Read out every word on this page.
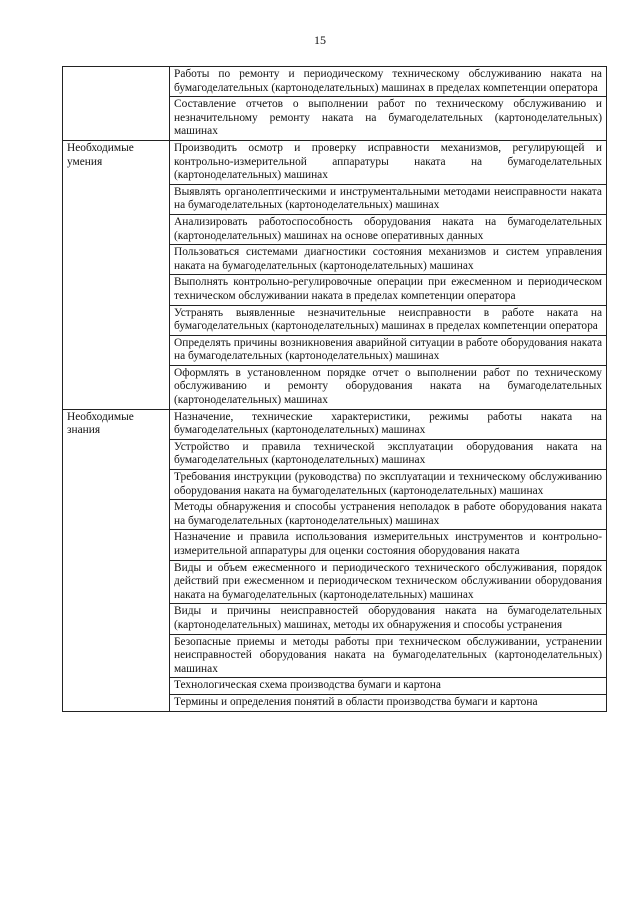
15
	Работы по ремонту и периодическому техническому обслуживанию наката на бумагоделательных (картоноделательных) машинах в пределах компетенции оператора
	Составление отчетов о выполнении работ по техническому обслуживанию и незначительному ремонту наката на бумагоделательных (картоноделательных) машинах
Необходимые умения	Производить осмотр и проверку исправности механизмов, регулирующей и контрольно-измерительной аппаратуры наката на бумагоделательных (картоноделательных) машинах
	Выявлять органолептическими и инструментальными методами неисправности наката на бумагоделательных (картоноделательных) машинах
	Анализировать работоспособность оборудования наката на бумагоделательных (картоноделательных) машинах на основе оперативных данных
	Пользоваться системами диагностики состояния механизмов и систем управления наката на бумагоделательных (картоноделательных) машинах
	Выполнять контрольно-регулировочные операции при ежесменном и периодическом техническом обслуживании наката в пределах компетенции оператора
	Устранять выявленные незначительные неисправности в работе наката на бумагоделательных (картоноделательных) машинах в пределах компетенции оператора
	Определять причины возникновения аварийной ситуации в работе оборудования наката на бумагоделательных (картоноделательных) машинах
	Оформлять в установленном порядке отчет о выполнении работ по техническому обслуживанию и ремонту оборудования наката на бумагоделательных (картоноделательных) машинах
Необходимые знания	Назначение, технические характеристики, режимы работы наката на бумагоделательных (картоноделательных) машинах
	Устройство и правила технической эксплуатации оборудования наката на бумагоделательных (картоноделательных) машинах
	Требования инструкции (руководства) по эксплуатации и техническому обслуживанию оборудования наката на бумагоделательных (картоноделательных) машинах
	Методы обнаружения и способы устранения неполадок в работе оборудования наката на бумагоделательных (картоноделательных) машинах
	Назначение и правила использования измерительных инструментов и контрольно-измерительной аппаратуры для оценки состояния оборудования наката
	Виды и объем ежесменного и периодического технического обслуживания, порядок действий при ежесменном и периодическом техническом обслуживании оборудования наката на бумагоделательных (картоноделательных) машинах
	Виды и причины неисправностей оборудования наката на бумагоделательных (картоноделательных) машинах, методы их обнаружения и способы устранения
	Безопасные приемы и методы работы при техническом обслуживании, устранении неисправностей оборудования наката на бумагоделательных (картоноделательных) машинах
	Технологическая схема производства бумаги и картона
	Термины и определения понятий в области производства бумаги и картона
